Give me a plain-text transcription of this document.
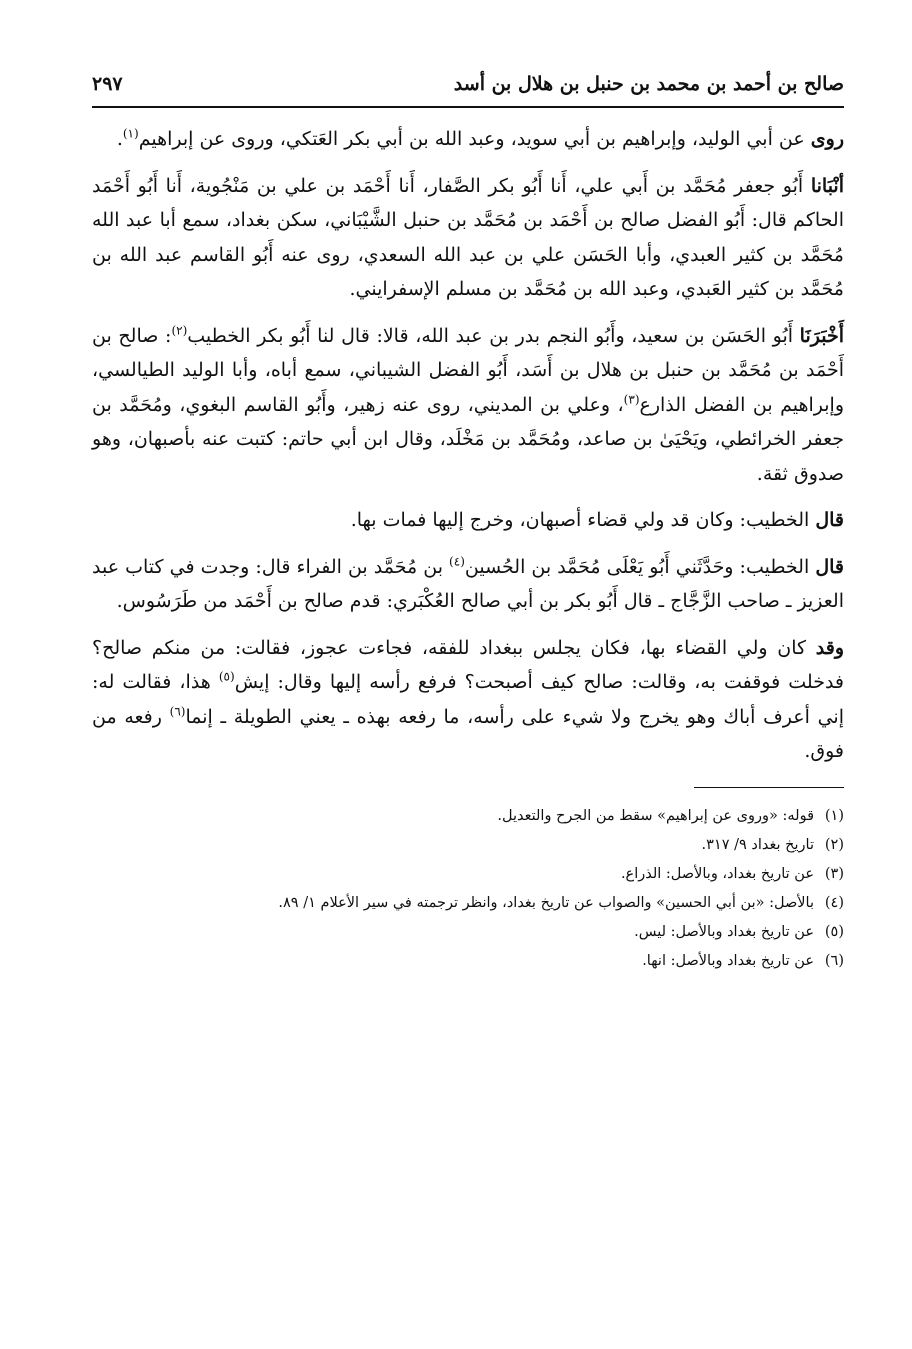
صالح بن أحمد بن محمد بن حنبل بن هلال بن أسد
٢٩٧

روى عن أبي الوليد، وإبراهيم بن أبي سويد، وعبد الله بن أبي بكر العَتكي، وروى عن إبراهيم$^{(١)}$.

أنْبَانا أَبُو جعفر مُحَمَّد بن أَبي علي، أَنا أَبُو بكر الصَّفار، أَنا أَحْمَد بن علي بن مَنْجُوية، أَنا أَبُو أَحْمَد الحاكم قال: أَبُو الفضل صالح بن أَحْمَد بن مُحَمَّد بن حنبل الشَّيْبَاني، سكن بغداد، سمع أبا عبد الله مُحَمَّد بن كثير العبدي، وأبا الحَسَن علي بن عبد الله السعدي، روى عنه أَبُو القاسم عبد الله بن مُحَمَّد بن كثير العَبدي، وعبد الله بن مُحَمَّد بن مسلم الإسفرايني.

أَخْبَرَنَا أَبُو الحَسَن بن سعيد، وأَبُو النجم بدر بن عبد الله، قالا: قال لنا أَبُو بكر الخطيب$^{(٢)}$: صالح بن أَحْمَد بن مُحَمَّد بن حنبل بن هلال بن أَسَد، أَبُو الفضل الشيباني، سمع أباه، وأبا الوليد الطيالسي، وإبراهيم بن الفضل الذارع$^{(٣)}$، وعلي بن المديني، روى عنه زهير، وأَبُو القاسم البغوي، ومُحَمَّد بن جعفر الخرائطي، ويَحْيَىٰ بن صاعد، ومُحَمَّد بن مَخْلَد، وقال ابن أبي حاتم: كتبت عنه بأصبهان، وهو صدوق ثقة.

قال الخطيب: وكان قد ولي قضاء أصبهان، وخرج إليها فمات بها.

قال الخطيب: وحَدَّثَني أَبُو يَعْلَى مُحَمَّد بن الحُسين$^{(٤)}$ بن مُحَمَّد بن الفراء قال: وجدت في كتاب عبد العزيز ـ صاحب الزَّجَّاج ـ قال أَبُو بكر بن أبي صالح العُكْبَري: قدم صالح بن أَحْمَد من طَرَسُوس.

وقد كان ولي القضاء بها، فكان يجلس ببغداد للفقه، فجاءت عجوز، فقالت: من منكم صالح؟ فدخلت فوقفت به، وقالت: صالح كيف أصبحت؟ فرفع رأسه إليها وقال: إيش$^{(٥)}$ هذا، فقالت له: إني أعرف أباك وهو يخرج ولا شيء على رأسه، ما رفعه بهذه ـ يعني الطويلة ـ إنما$^{(٦)}$ رفعه من فوق.

(١)
قوله: «وروى عن إبراهيم» سقط من الجرح والتعديل.
(٢)
تاريخ بغداد ٩/ ٣١٧.
(٣)
عن تاريخ بغداد، وبالأصل: الذراع.
(٤)
بالأصل: «بن أبي الحسين» والصواب عن تاريخ بغداد، وانظر ترجمته في سير الأعلام ١/ ٨٩.
(٥)
عن تاريخ بغداد وبالأصل: ليس.
(٦)
عن تاريخ بغداد وبالأصل: انها.
